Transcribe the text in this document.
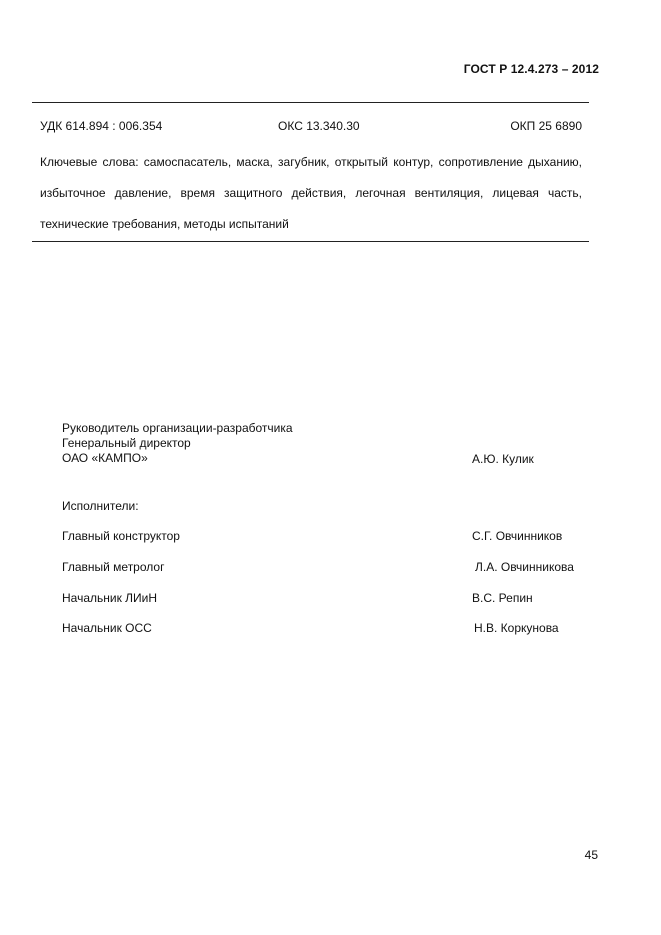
ГОСТ Р 12.4.273 – 2012
УДК 614.894 : 006.354	ОКС 13.340.30	ОКП 25 6890
Ключевые слова: самоспасатель, маска, загубник, открытый контур, сопротивление дыханию, избыточное давление, время защитного действия, легочная вентиляция, лицевая часть, технические требования, методы испытаний
Руководитель организации-разработчика
Генеральный директор
ОАО «КАМПО»	А.Ю. Кулик
Исполнители:
Главный конструктор	С.Г. Овчинников
Главный метролог	Л.А. Овчинникова
Начальник ЛИиН	В.С. Репин
Начальник ОСС	Н.В. Коркунова
45
